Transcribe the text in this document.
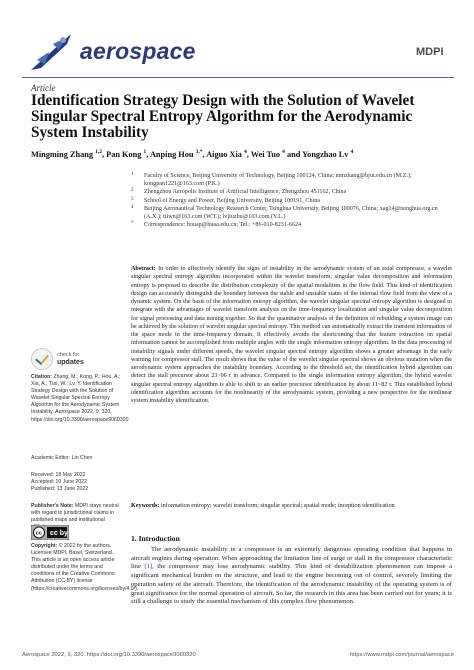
aerospace	MDPI
Article
Identification Strategy Design with the Solution of Wavelet Singular Spectral Entropy Algorithm for the Aerodynamic System Instability
Mingming Zhang $^{1,2}$, Pan Kong $^1$, Anping Hou $^{3,*}$, Aiguo Xia $^4$, Wei Tuo $^4$ and Yongzhao Lv $^4$
1 Faculty of Science, Beijing University of Technology, Beijing 100124, China; mmzhang@bjut.edu.cn (M.Z.); kongpan1221@163.com (P.K.)
2 Zhengzhou Aeropolis Institute of Artificial Intelligence, Zhengzhou 451162, China
3 School of Energy and Power, Beijing University, Beijing 100191, China
4 Beijing Aeronautical Technology Research Center, Tsinghua University, Beijing 100076, China; xag14@tsinghua.org.cn (A.X.); tiiwn@163.com (W.T.); lvjiuzhu@163.com (Y.L.)
* Correspondence: houap@buaa.edu.cn; Tel.: +86-010-8231-6624
Abstract: In order to effectively identify the signs of instability in the aerodynamic system of an axial compressor, a wavelet singular spectral entropy algorithm incorporated within the wavelet transform, singular value decomposition and information entropy is proposed to describe the distribution complexity of the spatial modalities in the flow field. This kind of identification design can accurately distinguish the boundary between the stable and unstable states of the internal flow field from the view of a dynamic system. On the basis of the information entropy algorithm, the wavelet singular spectral entropy algorithm is designed to integrate with the advantages of wavelet transform analysis on the time-frequency localization and singular value decomposition for signal processing and data mining together. So that the quantitative analysis of the definition of rebuilding a system image can be achieved by the solution of wavelet singular spectral entropy. This method can automatically extract the transient information of the space mode in the time-frequency domain. It effectively avoids the shortcoming that the feature extraction on spatial information cannot be accomplished from multiple angles with the single information entropy algorithm. In the data processing of instability signals under different speeds, the wavelet singular spectral entropy algorithm shows a greater advantage in the early warning for compressor stall. The result shows that the value of the wavelet singular spectral shows an obvious mutation when the aerodynamic system approaches the instability boundary. According to the threshold set, the identification hybrid algorithm can detect the stall precursor about 23~96 r in advance. Compared to the single information entropy algorithm, the hybrid wavelet singular spectral entropy algorithm is able to shift to an earlier precursor identification by about 11~82 r. This established hybrid identification algorithm accounts for the nonlinearity of the aerodynamic system, providing a new perspective for the nonlinear system instability identification.
Keywords: information entropy; wavelet transform; singular spectral; spatial mode; inception identification
check for
updates
Citation: Zhang, M.; Kong, P.; Hou, A.; Xia, A.; Tuo, W.; Lv, Y. Identification Strategy Design with the Solution of Wavelet Singular Spectral Entropy Algorithm for the Aerodynamic System Instability. Aerospace 2022, 9, 320. https://doi.org/10.3390/aerospace9060320
Academic Editor: Lin Chen
Received: 18 May 2022
Accepted: 10 June 2022
Published: 13 June 2022
Publisher's Note: MDPI stays neutral with regard to jurisdictional claims in published maps and institutional
cc cc by
Copyright: © 2022 by the authors. Licensee MDPI, Basel, Switzerland. This article is an open access article distributed under the terms and conditions of the Creative Commons Attribution (CC BY) license (https://creativecommons.org/licenses/by/4.0/).
1. Introduction
The aerodynamic instability in a compressor is an extremely dangerous operating condition that happens in aircraft engines during operation. When approaching the limitation line of surge or stall in the compressor characteristic line [1], the compressor may lose aerodynamic stability. This kind of destabilization phenomenon can impose a significant mechanical burden on the structure, and lead to the engine becoming out of control, severely limiting the operation safety of the aircraft. Therefore, the identification of the aerodynamic instability of the operating system is of great significance for the normal operation of aircraft. So far, the research in this area has been carried out for years; it is still a challenge to study the essential mechanism of this complex flow phenomenon.
Aerospace 2022, 9, 320. https://doi.org/10.3390/aerospace9060320	https://www.mdpi.com/journal/aerospace
